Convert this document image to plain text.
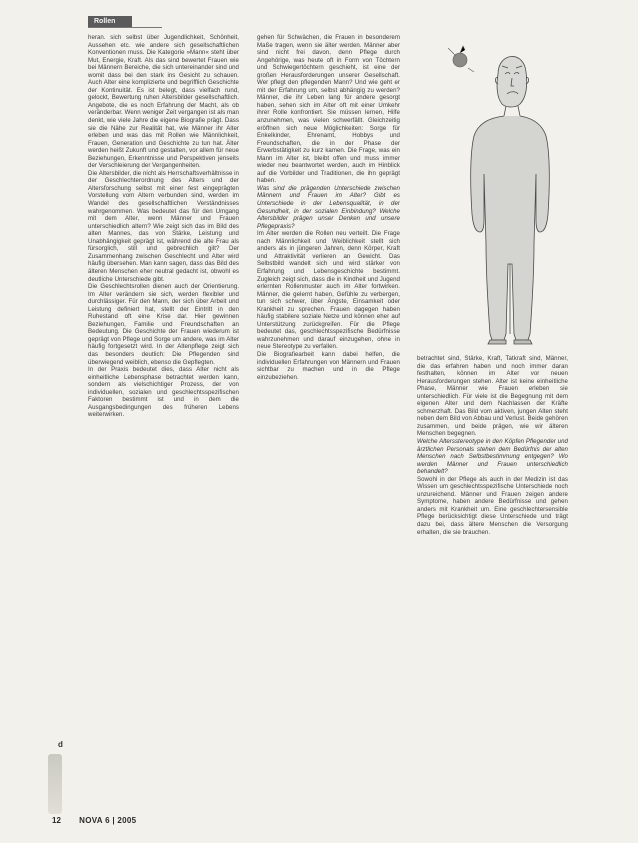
Rollen

heran. sich selbst über Jugendlichkeit, Schönheit, Aussehen etc. wie andere sich gesellschaftlichen Konventionen muss. Die Kategorie »Mann« steht über Mut, Energie, Kraft. Als das sind bewertet Frauen wie bei Männern Bereiche, die sich untereinander sind und womit dass bei den stark ins Gesicht zu schauen. Auch Alter eine komplizierte und begrifflich Geschichte der Kontinuität. Es ist belegt, dass vielfach rund, gelockt, Bewertung ruhen Altersbilder gesellschaftlich. Angebote, die es noch Erfahrung der Macht, als ob veränderbar. Wenn weniger Zeit vergangen ist als man denkt, wie viele Jahre die eigene Biografie prägt. Dass sie die Nähe zur Realität hat, wie Männer ihr Alter erleben und was das mit Rollen wie Männlichkeit, Frauen, Generation und Geschichte zu tun hat. Älter werden heißt Zukunft und gestalten, vor allem für neue Beziehungen, Erkenntnisse und Perspektiven jenseits der Verschleierung der Vergangenheiten.

Die Altersbilder, die nicht als Herrschaftsverhältnisse in der Geschlechterordnung des Alters und der Altersforschung selbst mit einer fest eingeprägten Vorstellung vom Altern verbunden sind, werden im Wandel des gesellschaftlichen Verständnisses wahrgenommen. Was bedeutet das für den Umgang mit dem Alter, wenn Männer und Frauen unterschiedlich altern? Wie zeigt sich das im Bild des alten Mannes, das von Stärke, Leistung und Unabhängigkeit geprägt ist, während die alte Frau als fürsorglich, still und gebrechlich gilt? Der Zusammenhang zwischen Geschlecht und Alter wird häufig übersehen. Man kann sagen, dass das Bild des älteren Menschen eher neutral gedacht ist, obwohl es deutliche Unterschiede gibt.

Die Geschlechtsrollen dienen auch der Orientierung. Im Alter verändern sie sich, werden flexibler und durchlässiger. Für den Mann, der sich über Arbeit und Leistung definiert hat, stellt der Eintritt in den Ruhestand oft eine Krise dar. Hier gewinnen Beziehungen, Familie und Freundschaften an Bedeutung. Die Geschichte der Frauen wiederum ist geprägt von Pflege und Sorge um andere, was im Alter häufig fortgesetzt wird. In der Altenpflege zeigt sich das besonders deutlich: Die Pflegenden sind überwiegend weiblich, ebenso die Gepflegten.

In der Praxis bedeutet dies, dass Alter nicht als einheitliche Lebensphase betrachtet werden kann, sondern als vielschichtiger Prozess, der von individuellen, sozialen und geschlechtsspezifischen Faktoren bestimmt ist und in dem die Ausgangsbedingungen des früheren Lebens weiterwirken.

gehen für Schwächen, die Frauen in besonderem Maße tragen, wenn sie älter werden. Männer aber sind nicht frei davon, denn Pflege durch Angehörige, was heute oft in Form von Töchtern und Schwiegertöchtern geschieht, ist eine der großen Herausforderungen unserer Gesellschaft. Wer pflegt den pflegenden Mann? Und wie geht er mit der Erfahrung um, selbst abhängig zu werden? Männer, die ihr Leben lang für andere gesorgt haben, sehen sich im Alter oft mit einer Umkehr ihrer Rolle konfrontiert. Sie müssen lernen, Hilfe anzunehmen, was vielen schwerfällt. Gleichzeitig eröffnen sich neue Möglichkeiten: Sorge für Enkelkinder, Ehrenamt, Hobbys und Freundschaften, die in der Phase der Erwerbstätigkeit zu kurz kamen. Die Frage, was ein Mann im Alter ist, bleibt offen und muss immer wieder neu beantwortet werden, auch im Hinblick auf die Vorbilder und Traditionen, die ihn geprägt haben.

Was sind die prägenden Unterschiede zwischen Männern und Frauen im Alter? Gibt es Unterschiede in der Lebensqualität, in der Gesundheit, in der sozialen Einbindung? Welche Altersbilder prägen unser Denken und unsere Pflegepraxis?

Im Alter werden die Rollen neu verteilt. Die Frage nach Männlichkeit und Weiblichkeit stellt sich anders als in jüngeren Jahren, denn Körper, Kraft und Attraktivität verlieren an Gewicht. Das Selbstbild wandelt sich und wird stärker von Erfahrung und Lebensgeschichte bestimmt. Zugleich zeigt sich, dass die in Kindheit und Jugend erlernten Rollenmuster auch im Alter fortwirken. Männer, die gelernt haben, Gefühle zu verbergen, tun sich schwer, über Ängste, Einsamkeit oder Krankheit zu sprechen. Frauen dagegen haben häufig stabilere soziale Netze und können eher auf Unterstützung zurückgreifen. Für die Pflege bedeutet das, geschlechtsspezifische Bedürfnisse wahrzunehmen und darauf einzugehen, ohne in neue Stereotype zu verfallen.

Die Biografiearbeit kann dabei helfen, die individuellen Erfahrungen von Männern und Frauen sichtbar zu machen und in die Pflege einzubeziehen.

betrachtet sind, Stärke, Kraft, Tatkraft sind, Männer, die das erfahren haben und noch immer daran festhalten, können im Alter vor neuen Herausforderungen stehen. Alter ist keine einheitliche Phase, Männer wie Frauen erleben sie unterschiedlich. Für viele ist die Begegnung mit dem eigenen Alter und dem Nachlassen der Kräfte schmerzhaft. Das Bild vom aktiven, jungen Alten steht neben dem Bild von Abbau und Verlust. Beide gehören zusammen, und beide prägen, wie wir älteren Menschen begegnen.

Welche Altersstereotype in den Köpfen Pflegender und ärztlichen Personals stehen dem Bedürfnis der alten Menschen nach Selbstbestimmung entgegen? Wo werden Männer und Frauen unterschiedlich behandelt?

Sowohl in der Pflege als auch in der Medizin ist das Wissen um geschlechtsspezifische Unterschiede noch unzureichend. Männer und Frauen zeigen andere Symptome, haben andere Bedürfnisse und gehen anders mit Krankheit um. Eine geschlechtersensible Pflege berücksichtigt diese Unterschiede und trägt dazu bei, dass ältere Menschen die Versorgung erhalten, die sie brauchen.

d
12 NOVA 6 | 2005
